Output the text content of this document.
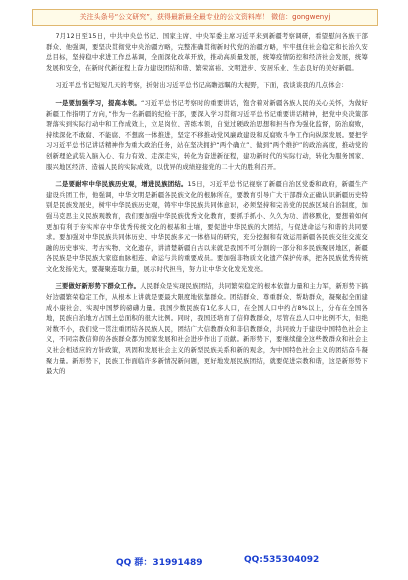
关注头条号“公文研究”，获得最新最全最专业的公文资料库！ 微信：gongwenyj

7月12日至15日，中共中央总书记、国家主席、中央军委主席习近平来到新疆考察调研，看望慰问各族干部群众、他强调，要坚决贯彻党中央治疆方略，完整准确贯彻新时代党的治疆方略，牢牢扭住社会稳定和长治久安总目标，坚持稳中求进工作总基调，全面深化改革开放，推动高质量发展，统筹疫情防控和经济社会发展，统筹发展和安全，在新时代新征程上奋力建设团结和谐、繁荣富裕、文明进步、安居乐业、生态良好的美好新疆。

习近平总书记短短几天的考察，折射出习近平总书记高瞻远瞩的大视野，下面，我谈谈我的几点体会：

一是要加强学习，提高本领。“习近平总书记考察时的重要讲话，饱含着对新疆各族人民的关心关怀，为做好新疆工作指明了方向，”作为一名新疆的纪检干部，要深入学习贯彻习近平总书记重要讲话精神，把党中央决策部署落实到实际行动中和工作成效上，立足岗位、苦练本领，自觉过硬政治思想和担当作为强化监督，防治腐败，持续深化不敢腐、不能腐、不想腐一体推进，坚定不移推动党风廉政建设和反腐败斗争工作向纵深发展。要把学习习近平总书记讲话精神作为重大政治任务，站在坚决拥护“两个确立”、做到“两个维护”的政治高度，推动党的创新理论武装入脑入心、有力有效、走深走实，转化为奋进新征程，建功新时代的实际行动，转化为服务国家、服兴地区经济、造福人民的实际成效，以优异的成绩迎接党的二十大的胜利召开。

二是要耐牢中华民族历史观，增进民族团结。15日，习近平总书记视察了新疆自治区党委和政府，新疆生产建设兵团工作，他强调，中华文明是新疆各民族文化的根脉所在，要教育引导广大干部群众正确认识新疆历史特别是民族发展史，树牢中华民族历史观，铸牢中华民族共同体意识，必须坚持和完善党的民族区域自治制度，加强马克思主义民族观教育，我们要加强中华民族优秀文化教育，要抓手抓小、久久为功、潜移默化，要想着如何更加有利于夯实库存中华优秀传统文化的根基和土壤，要促进中华民族的大团结，与促进命运与和谐的共同要求。要加强对中华民族共同体历史、中华民族多元一体格局的研究，充分挖掘和有效运用新疆各民族交往交流交融的历史事实、考古实物、文化遗存，讲清楚新疆自古以来就是我国不可分割的一部分和多民族聚居地区，新疆各民族是中华民族大家庭血脉相连、命运与共的重要成员。要加强非物质文化遗产保护传承，把各民族优秀传统文化发扬光大，要凝聚连取力量，展示时代担当，努力让中华文化发光发亮。

三要做好新形势下群众工作。人民群众是实现民族团结，共同繁荣稳定的根本依靠力量和主力军，新形势下搞好边疆繁荣稳定工作，从根本上讲就是要最大限度地依靠群众。团结群众、尊重群众、帮助群众，凝聚起全面建成小康社会、实现中国梦的磅礴力量。我国少数民族有1亿多人口，在全国人口中约占8%以上，分布在全国各地，民族自治地方占国土总面积的很大比例。同时，我国还培育了信仰教群众，尽管在总人口中比例不大，但绝对数不小，我们党一贯注重团结各民族人民，团结广大信教群众和非信教群众，共同致力于建设中国特色社会主义，不同宗教信仰的各族群众都为国家发展和社会进步作出了贡献。新形势下，要继续健全这些教群众和社会主义社会相适应的方针政策，巩固和发展社会主义的新型民族关系和新的观念，为中国特色社会主义的团结奋斗凝聚力量。新形势下，民族工作面临许多新情况新问题，更好地发展民族团结，就要促进宗教和谐，这是新形势下最大的

QQ 群：31991489	QQ:535304092
